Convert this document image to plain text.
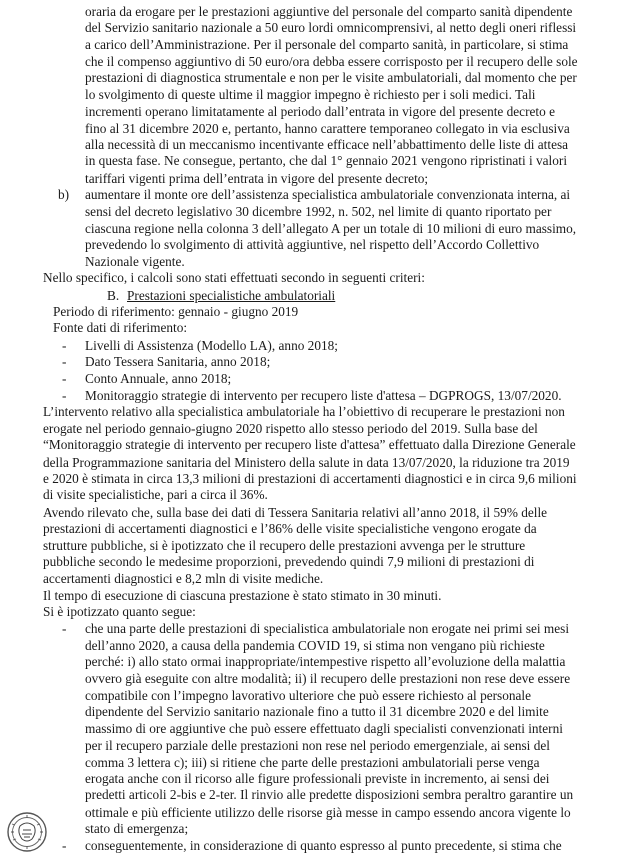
oraria da erogare per le prestazioni aggiuntive del personale del comparto sanità dipendente
del Servizio sanitario nazionale a 50 euro lordi omnicomprensivi, al netto degli oneri riflessi
a carico dell’Amministrazione. Per il personale del comparto sanità, in particolare, si stima
che il compenso aggiuntivo di 50 euro/ora debba essere corrisposto per il recupero delle sole
prestazioni di diagnostica strumentale e non per le visite ambulatoriali, dal momento che per
lo svolgimento di queste ultime il maggior impegno è richiesto per i soli medici. Tali
incrementi operano limitatamente al periodo dall’entrata in vigore del presente decreto e
fino al 31 dicembre 2020 e, pertanto, hanno carattere temporaneo collegato in via esclusiva
alla necessità di un meccanismo incentivante efficace nell’abbattimento delle liste di attesa
in questa fase. Ne consegue, pertanto, che dal 1° gennaio 2021 vengono ripristinati i valori
tariffari vigenti prima dell’entrata in vigore del presente decreto;
b) aumentare il monte ore dell’assistenza specialistica ambulatoriale convenzionata interna, ai
sensi del decreto legislativo 30 dicembre 1992, n. 502, nel limite di quanto riportato per
ciascuna regione nella colonna 3 dell’allegato A per un totale di 10 milioni di euro massimo,
prevedendo lo svolgimento di attività aggiuntive, nel rispetto dell’Accordo Collettivo
Nazionale vigente.
Nello specifico, i calcoli sono stati effettuati secondo in seguenti criteri:
B. Prestazioni specialistiche ambulatoriali
Periodo di riferimento: gennaio - giugno 2019
Fonte dati di riferimento:
- Livelli di Assistenza (Modello LA), anno 2018;
- Dato Tessera Sanitaria, anno 2018;
- Conto Annuale, anno 2018;
- Monitoraggio strategie di intervento per recupero liste d'attesa – DGPROGS, 13/07/2020.
L’intervento relativo alla specialistica ambulatoriale ha l’obiettivo di recuperare le prestazioni non
erogate nel periodo gennaio-giugno 2020 rispetto allo stesso periodo del 2019. Sulla base del
“Monitoraggio strategie di intervento per recupero liste d'attesa” effettuato dalla Direzione Generale
della Programmazione sanitaria del Ministero della salute in data 13/07/2020, la riduzione tra 2019
e 2020 è stimata in circa 13,3 milioni di prestazioni di accertamenti diagnostici e in circa 9,6 milioni
di visite specialistiche, pari a circa il 36%.
Avendo rilevato che, sulla base dei dati di Tessera Sanitaria relativi all’anno 2018, il 59% delle
prestazioni di accertamenti diagnostici e l’86% delle visite specialistiche vengono erogate da
strutture pubbliche, si è ipotizzato che il recupero delle prestazioni avvenga per le strutture
pubbliche secondo le medesime proporzioni, prevedendo quindi 7,9 milioni di prestazioni di
accertamenti diagnostici e 8,2 mln di visite mediche.
Il tempo di esecuzione di ciascuna prestazione è stato stimato in 30 minuti.
Si è ipotizzato quanto segue:
- che una parte delle prestazioni di specialistica ambulatoriale non erogate nei primi sei mesi
dell’anno 2020, a causa della pandemia COVID 19, si stima non vengano più richieste
perché: i) allo stato ormai inappropriate/intempestive rispetto all’evoluzione della malattia
ovvero già eseguite con altre modalità; ii) il recupero delle prestazioni non rese deve essere
compatibile con l’impegno lavorativo ulteriore che può essere richiesto al personale
dipendente del Servizio sanitario nazionale fino a tutto il 31 dicembre 2020 e del limite
massimo di ore aggiuntive che può essere effettuato dagli specialisti convenzionati interni
per il recupero parziale delle prestazioni non rese nel periodo emergenziale, ai sensi del
comma 3 lettera c); iii) si ritiene che parte delle prestazioni ambulatoriali perse venga
erogata anche con il ricorso alle figure professionali previste in incremento, ai sensi dei
predetti articoli 2-bis e 2-ter. Il rinvio alle predette disposizioni sembra peraltro garantire un
ottimale e più efficiente utilizzo delle risorse già messe in campo essendo ancora vigente lo
stato di emergenza;
- conseguentemente, in considerazione di quanto espresso al punto precedente, si stima che
